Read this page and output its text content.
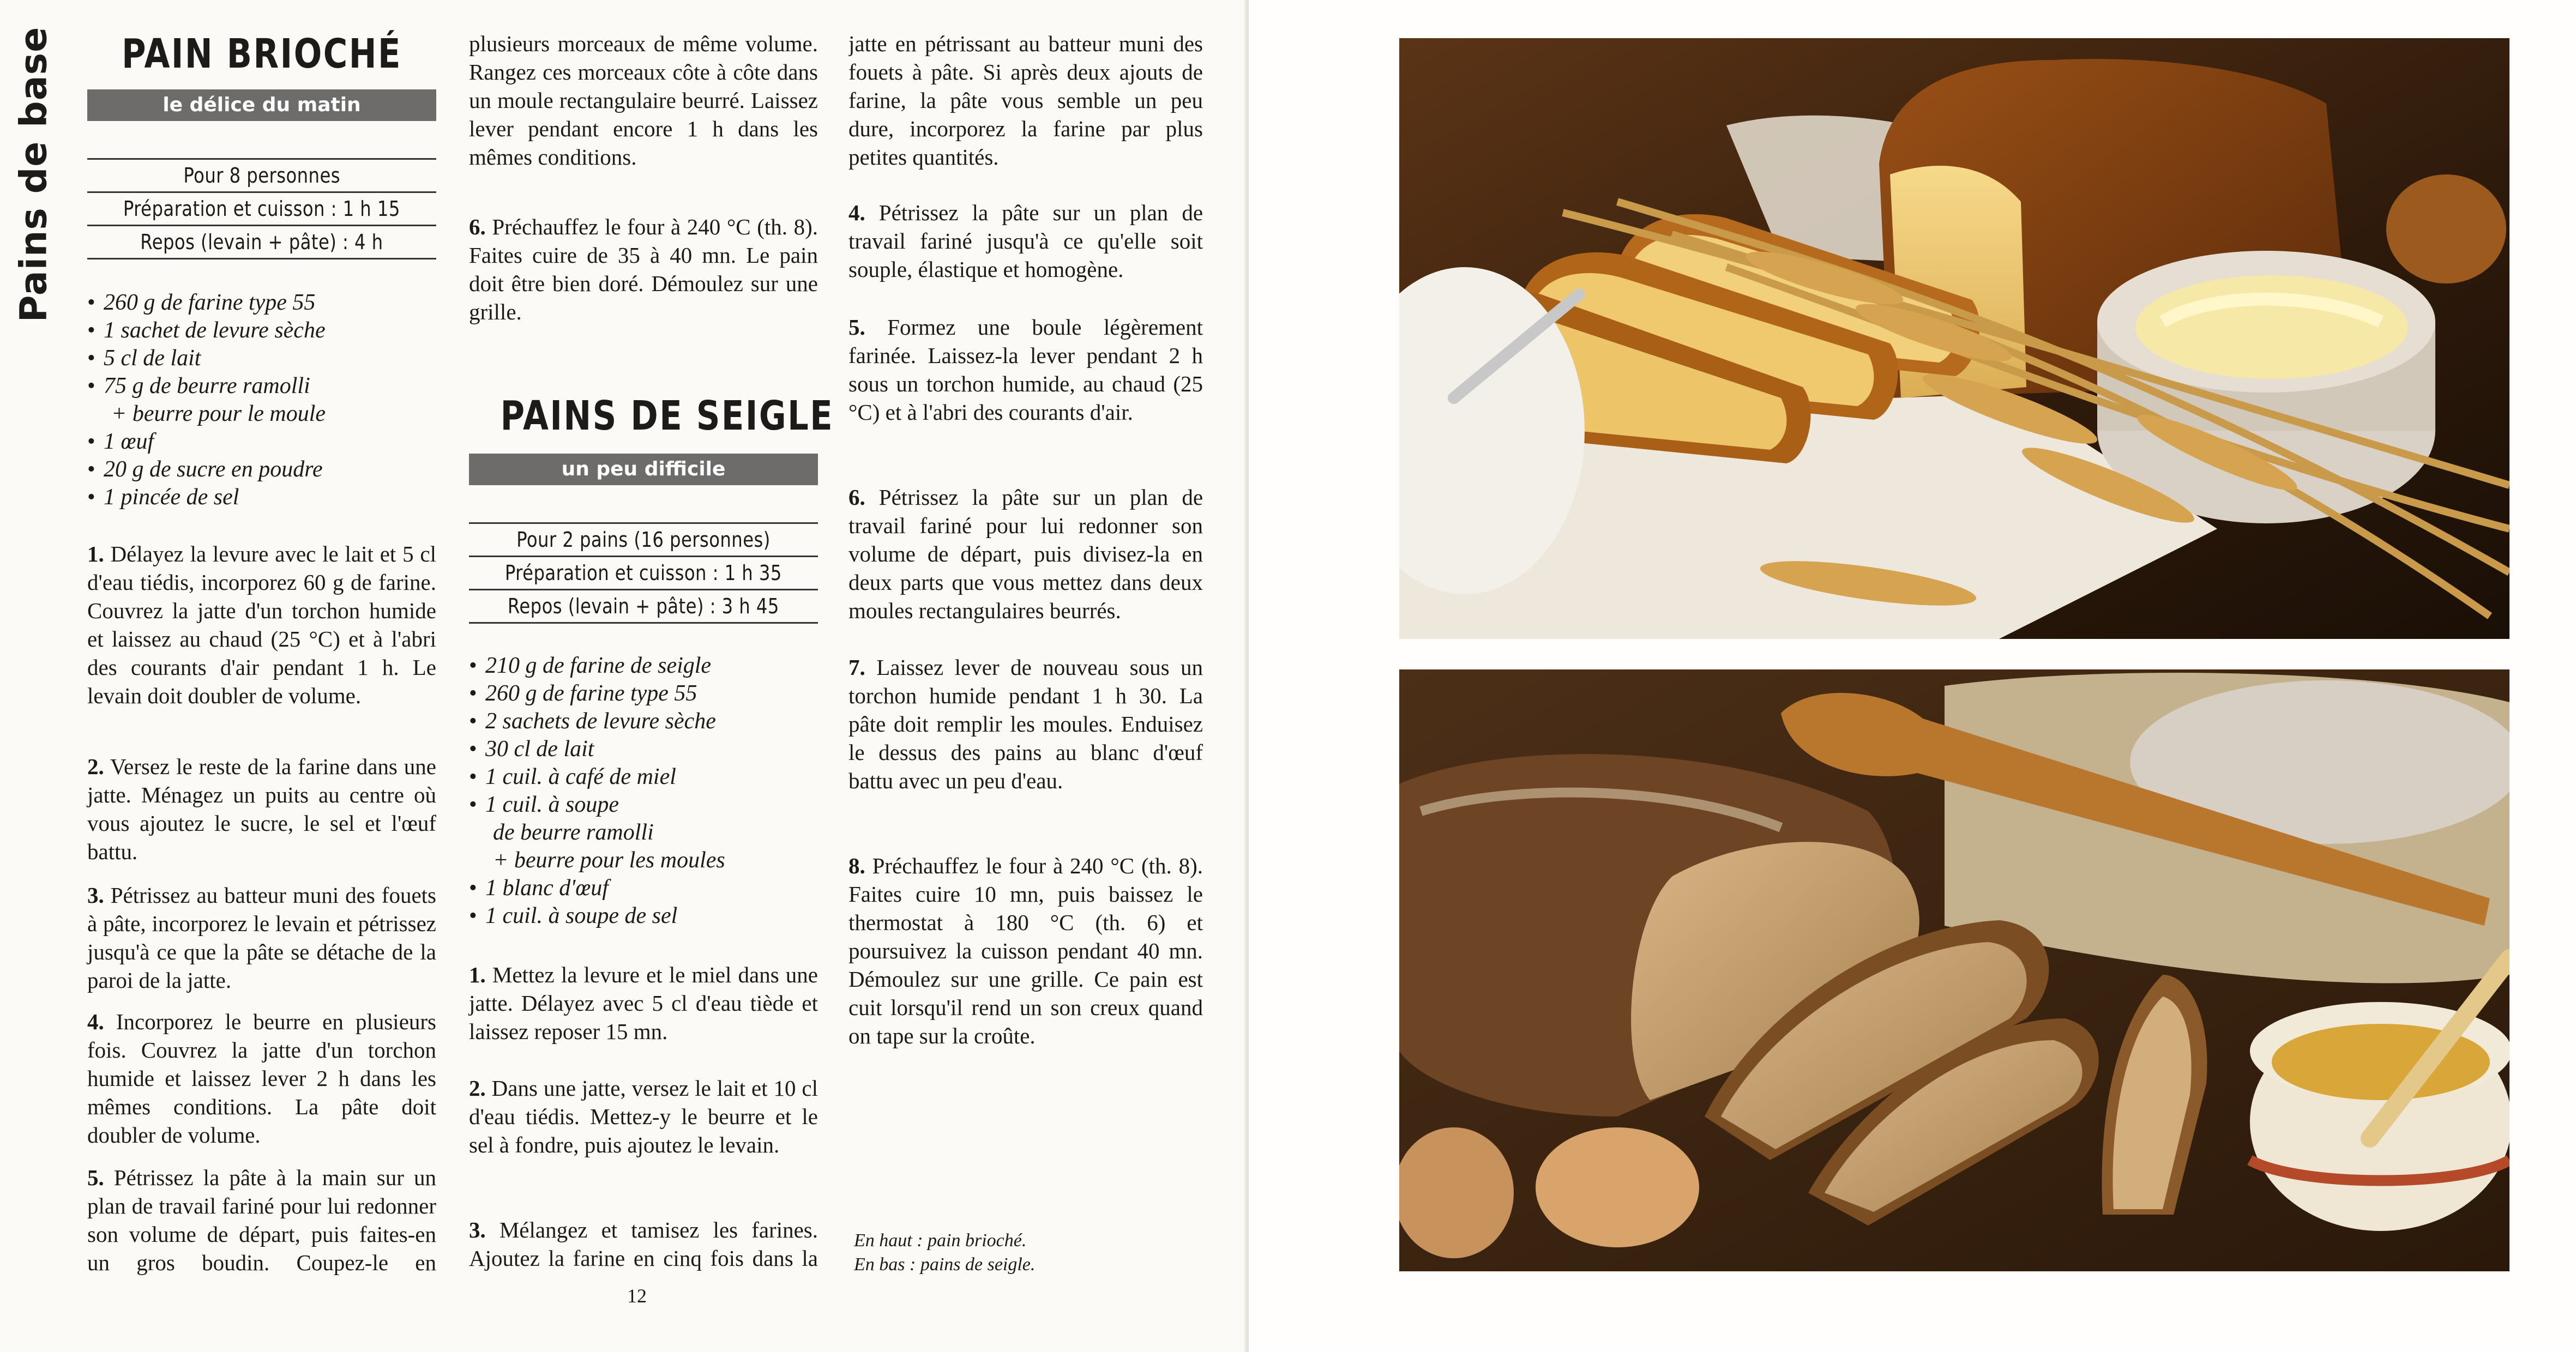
Pains de base PAIN BRIOCHÉ
le délice du matin
Pour 8 personnes
Préparation et cuisson : 1 h 15
Repos (levain + pâte) : 4 h
• 260 g de farine type 55
• 1 sachet de levure sèche
• 5 cl de lait
• 75 g de beurre ramolli
+ beurre pour le moule
• 1 œuf
• 20 g de sucre en poudre
• 1 pincée de sel

1. Délayez la levure avec le lait et 5 cl d'eau tiédis, incorporez 60 g de farine. Couvrez la jatte d'un torchon humide et laissez au chaud (25 °C) et à l'abri des courants d'air pendant 1 h. Le levain doit doubler de volume.

2. Versez le reste de la farine dans une jatte. Ménagez un puits au centre où vous ajoutez le sucre, le sel et l'œuf battu.

3. Pétrissez au batteur muni des fouets à pâte, incorporez le levain et pétrissez jusqu'à ce que la pâte se détache de la paroi de la jatte.

4. Incorporez le beurre en plusieurs fois. Couvrez la jatte d'un torchon humide et laissez lever 2 h dans les mêmes conditions. La pâte doit doubler de volume.

5. Pétrissez la pâte à la main sur un plan de travail fariné pour lui redonner son volume de départ, puis faites-en un gros boudin. Coupez-le en

plusieurs morceaux de même volume. Rangez ces morceaux côte à côte dans un moule rectangulaire beurré. Laissez lever pendant encore 1 h dans les mêmes conditions.

6. Préchauffez le four à 240 °C (th. 8). Faites cuire de 35 à 40 mn. Le pain doit être bien doré. Démoulez sur une grille.

PAINS DE SEIGLE
un peu difficile
Pour 2 pains (16 personnes)
Préparation et cuisson : 1 h 35
Repos (levain + pâte) : 3 h 45
• 210 g de farine de seigle
• 260 g de farine type 55
• 2 sachets de levure sèche
• 30 cl de lait
• 1 cuil. à café de miel
• 1 cuil. à soupe
de beurre ramolli
+ beurre pour les moules
• 1 blanc d'œuf
• 1 cuil. à soupe de sel

1. Mettez la levure et le miel dans une jatte. Délayez avec 5 cl d'eau tiède et laissez reposer 15 mn.

2. Dans une jatte, versez le lait et 10 cl d'eau tiédis. Mettez-y le beurre et le sel à fondre, puis ajoutez le levain.

3. Mélangez et tamisez les farines. Ajoutez la farine en cinq fois dans la

jatte en pétrissant au batteur muni des fouets à pâte. Si après deux ajouts de farine, la pâte vous semble un peu dure, incorporez la farine par plus petites quantités.

4. Pétrissez la pâte sur un plan de travail fariné jusqu'à ce qu'elle soit souple, élastique et homogène.

5. Formez une boule légèrement farinée. Laissez-la lever pendant 2 h sous un torchon humide, au chaud (25 °C) et à l'abri des courants d'air.

6. Pétrissez la pâte sur un plan de travail fariné pour lui redonner son volume de départ, puis divisez-la en deux parts que vous mettez dans deux moules rectangulaires beurrés.

7. Laissez lever de nouveau sous un torchon humide pendant 1 h 30. La pâte doit remplir les moules. Enduisez le dessus des pains au blanc d'œuf battu avec un peu d'eau.

8. Préchauffez le four à 240 °C (th. 8). Faites cuire 10 mn, puis baissez le thermostat à 180 °C (th. 6) et poursuivez la cuisson pendant 40 mn. Démoulez sur une grille. Ce pain est cuit lorsqu'il rend un son creux quand on tape sur la croûte.

En haut : pain brioché.
En bas : pains de seigle.
12
